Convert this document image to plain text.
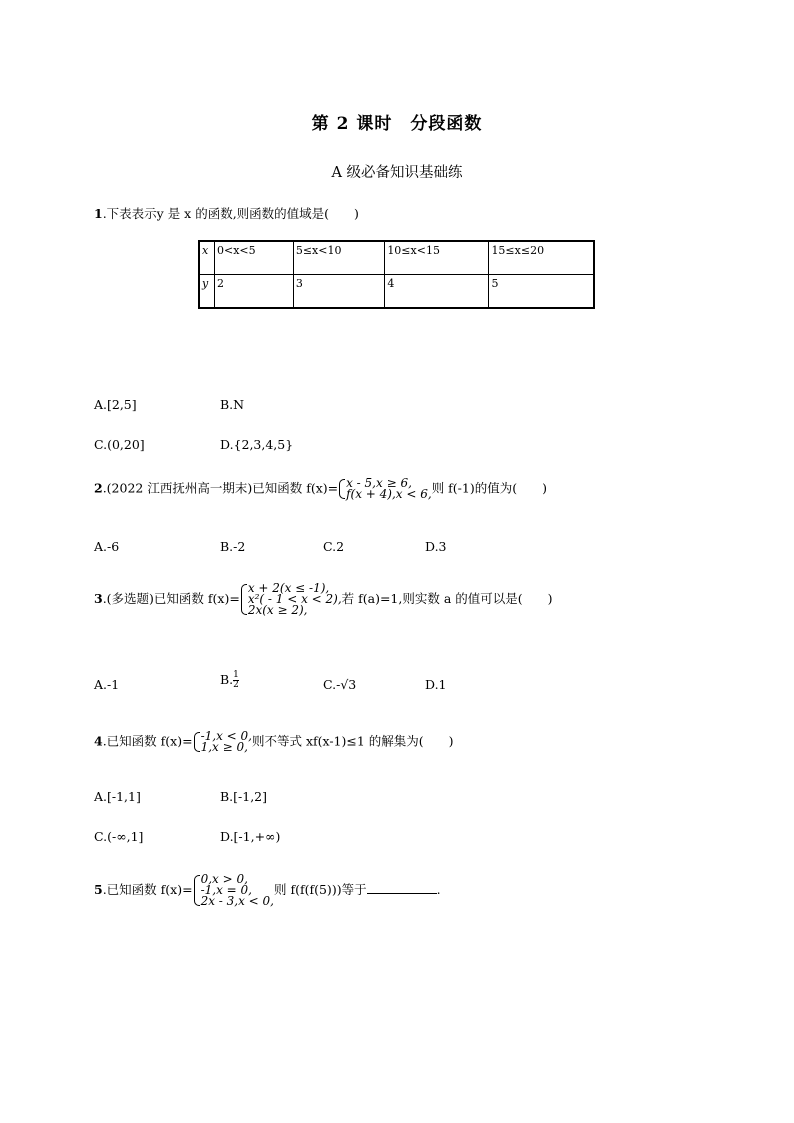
第 2 课时　分段函数
A 级必备知识基础练
1.下表表示y 是 x 的函数,则函数的值域是(　　)
x	0<x<5	5≤x<10	10≤x<15	15≤x≤20
y	2	3	4	5
A.[2,5]	B.N
C.(0,20]	D.{2,3,4,5}
2.(2022 江西抚州高一期末)已知函数 f(x)= x - 5,x ≥ 6,
f(x + 4),x < 6, 则 f(-1)的值为(　　)
A.-6	B.-2	C.2	D.3
3.(多选题)已知函数 f(x)=
x + 2(x ≤ -1),
x²( - 1 < x < 2),
2x(x ≥ 2),
若 f(a)=1,则实数 a 的值可以是(　　)
A.-1	B. $\frac{1}{2}$	C.-√3	D.1
4.已知函数 f(x)= -1,x < 0,
1,x ≥ 0, 则不等式 xf(x-1)≤1 的解集为(　　)
A.[-1,1]	B.[-1,2]
C.(-∞,1]	D.[-1,+∞)
5.已知函数 f(x)=
0,x > 0,
-1,x = 0,
2x - 3,x < 0,
则 f(f(f(5)))等于	.
